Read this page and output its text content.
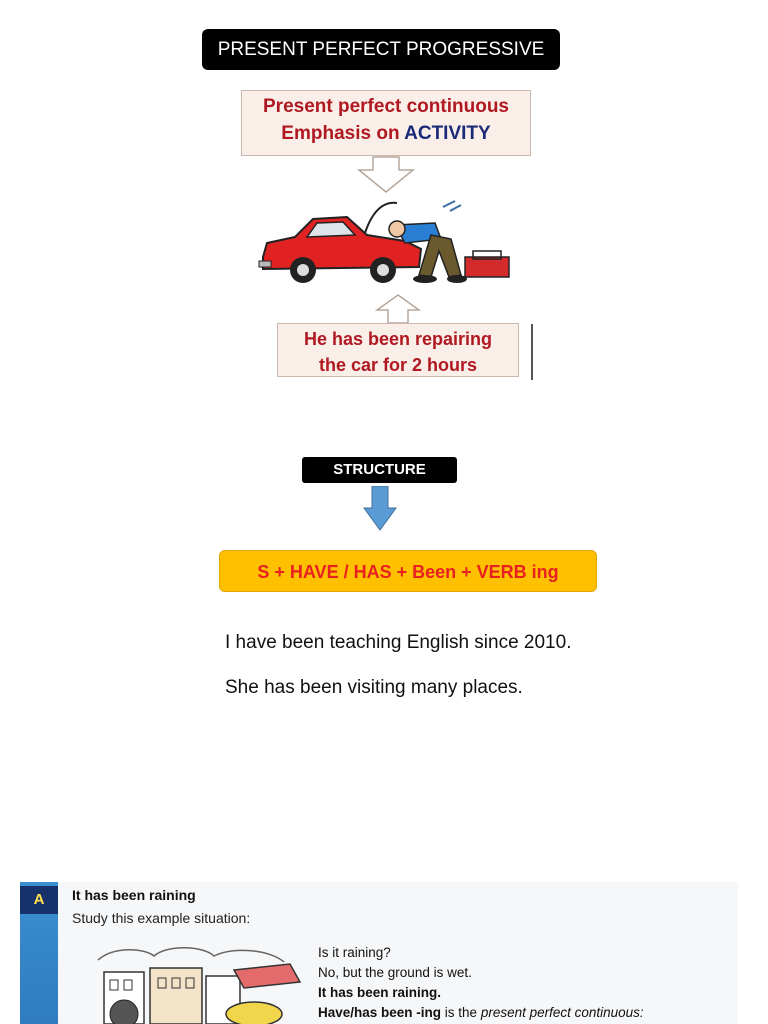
PRESENT PERFECT PROGRESSIVE
Present perfect continuous
Emphasis on ACTIVITY
He has been repairing
the car for 2 hours
STRUCTURE
S + HAVE / HAS + Been + VERB ing
I have been teaching English since 2010.
She has been visiting many places.
A	It has been raining
Study this example situation:
Is it raining?
No, but the ground is wet.
It has been raining.
Have/has been -ing is the present perfect continuous:
